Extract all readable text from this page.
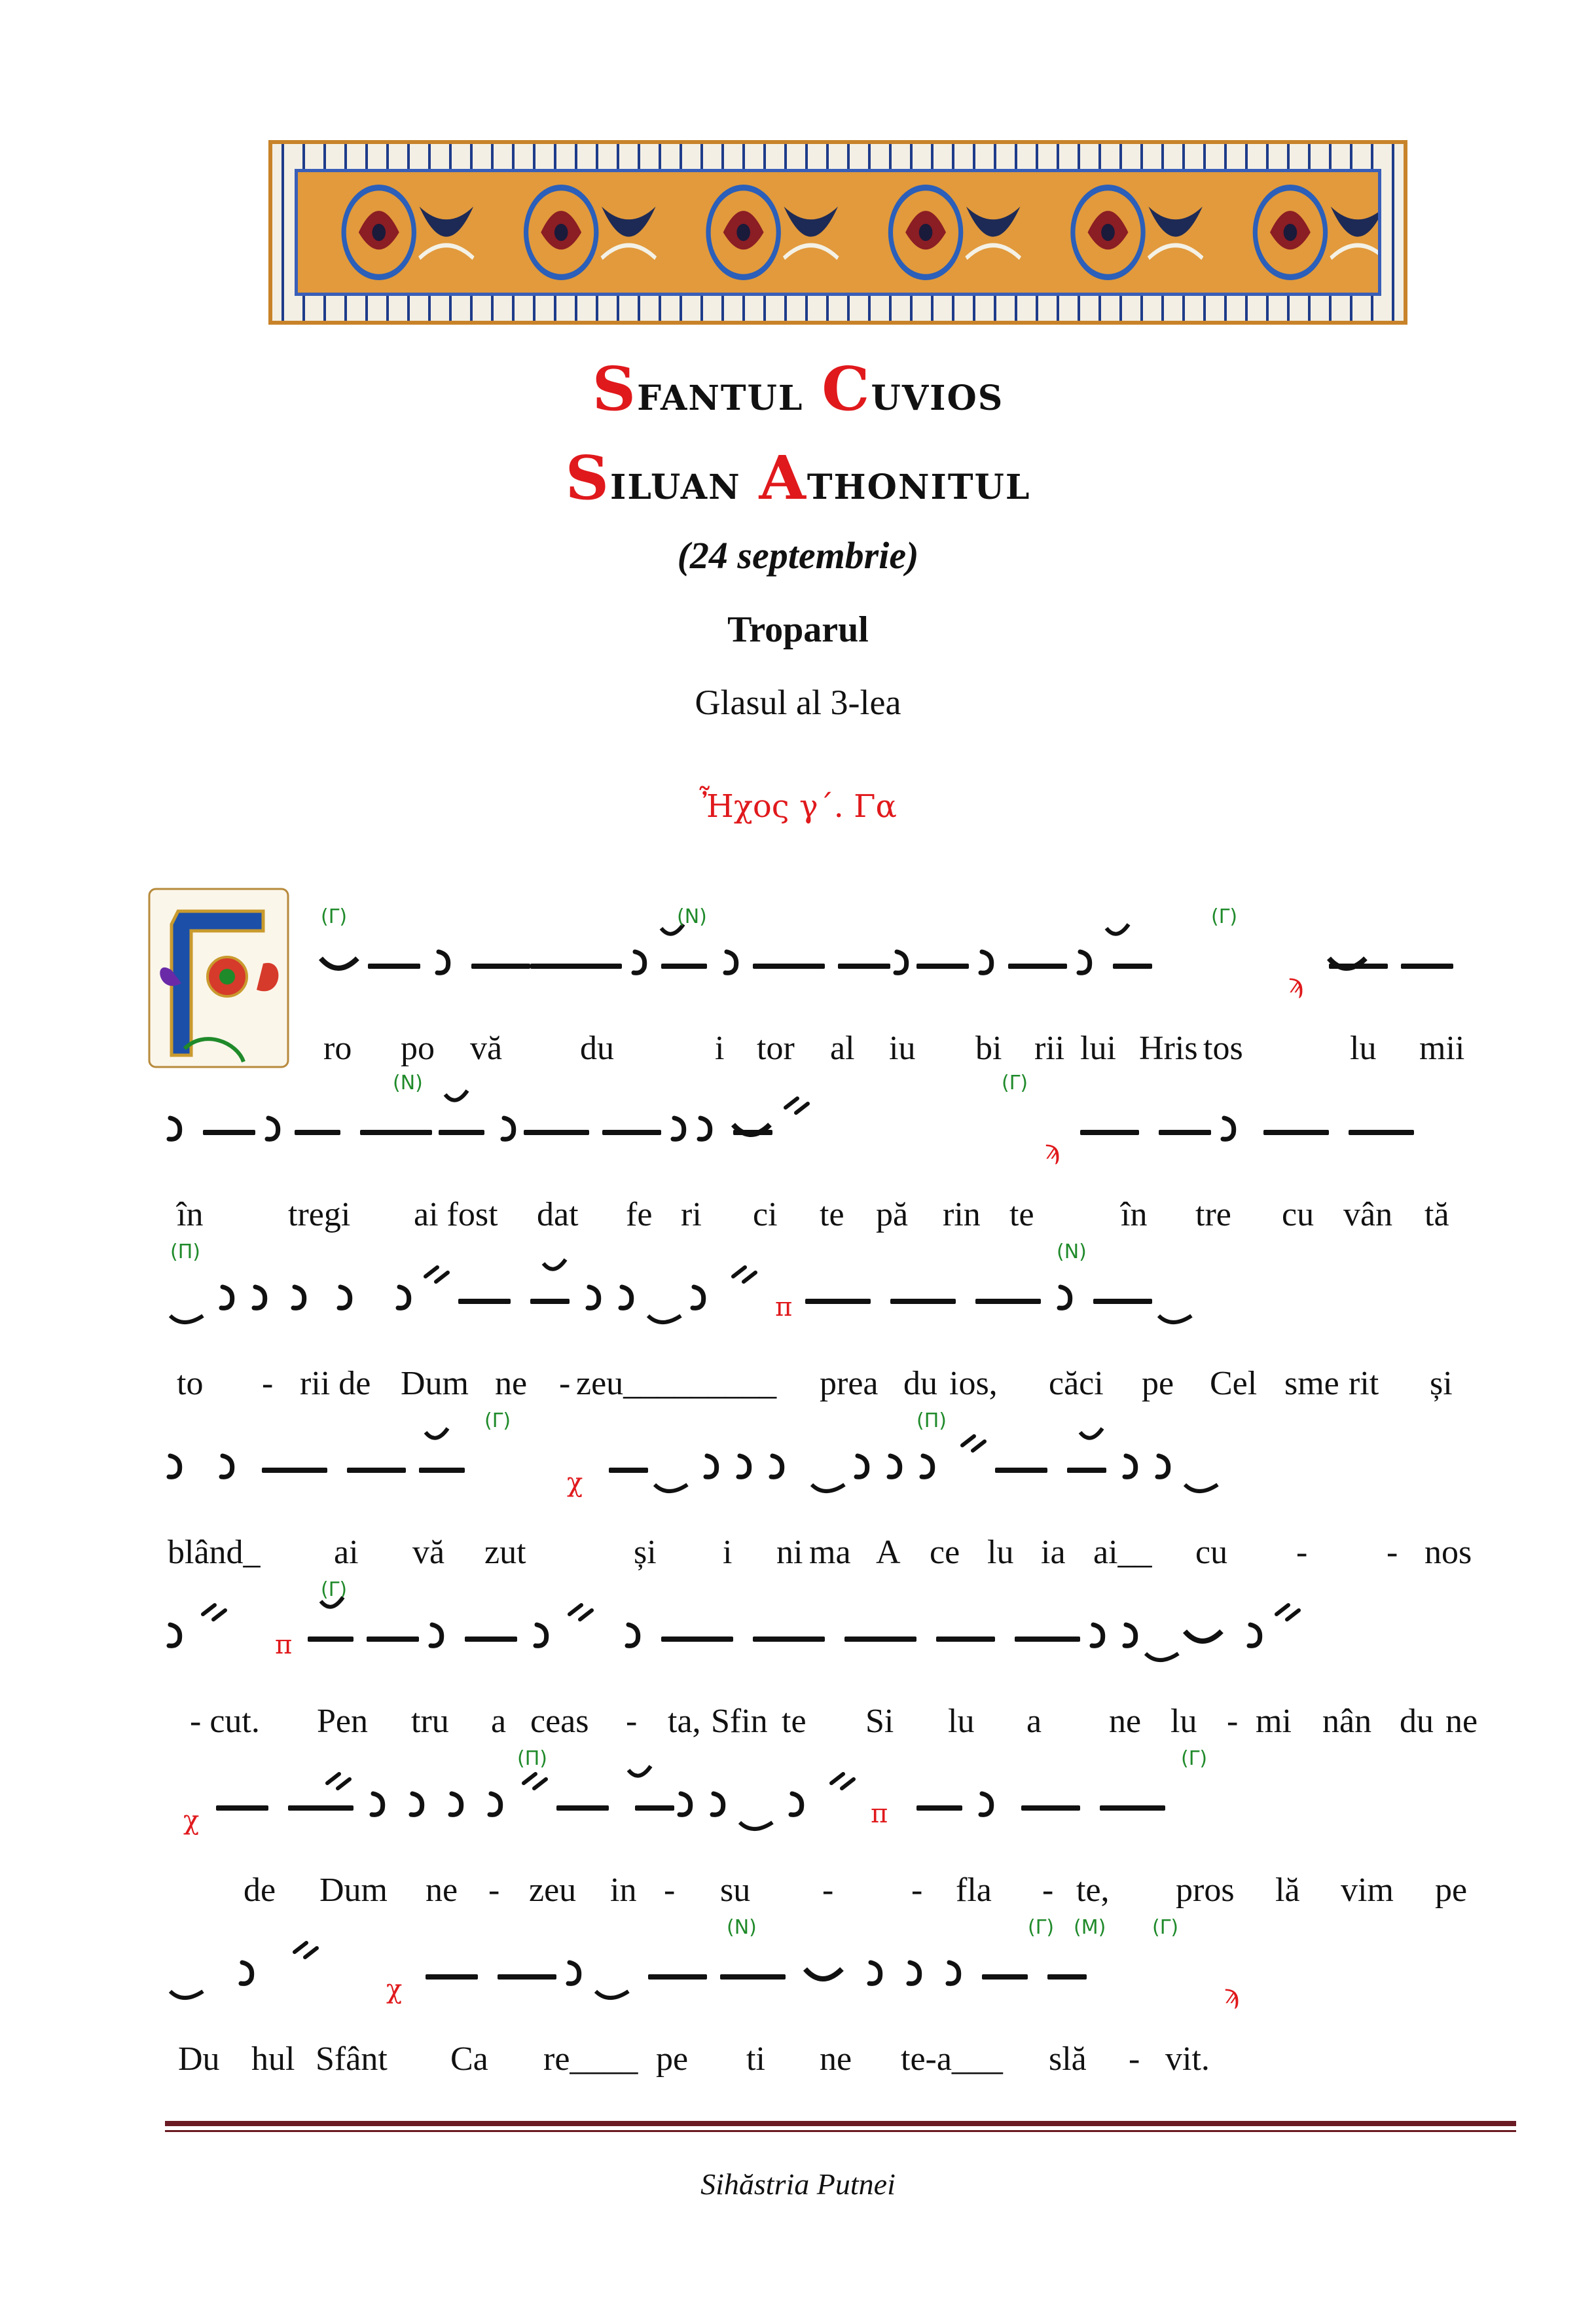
Sfantul Cuvios
Siluan Athonitul
(24 septembrie)
Troparul
Glasul al 3-lea
Ἦχος γ΄. Γα
(Γ)	(Ν)	(Γ)
ϡ
(Ν)	(Γ)
ϡ
(Π)
π
(Ν)
(Γ)
χ
(Π)
π
(Γ)
χ
(Π)
π
(Γ)
χ
(Ν)	(Γ) (Μ) (Γ)
ϡ
ro po vă du	i tor al iu bi rii lui Hris tos	lu mii
în tregi ai fost dat fe ri ci te pă rin te	în tre cu vân tă
to - rii de Dum ne - zeu_________ prea du ios, căci pe Cel sme rit și
blând_ ai vă zut	și i ni ma A ce lu ia ai__ cu - - nos
- cut. Pen tru a ceas - ta, Sfin te Si lu a ne lu - mi nân du ne
de Dum ne - zeu in - su - - fla - te, pros lă vim pe
Du hul Sfânt Ca re____ pe ti ne te-a___ slă - vit.
Sihăstria Putnei
